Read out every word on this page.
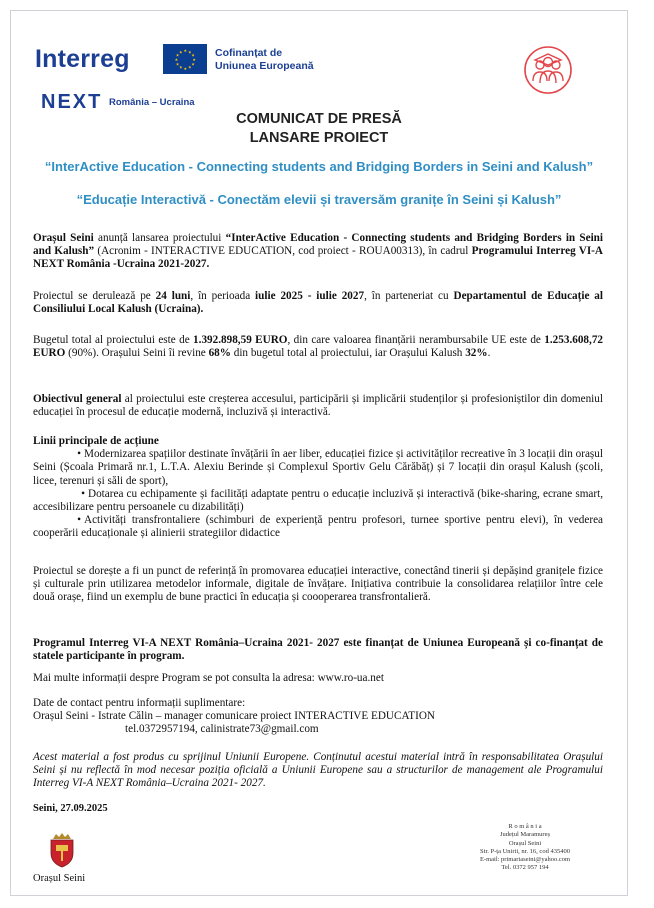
Interreg	★ ★
★
★
★
★
★
★
★
★
★
★	Cofinanțat de
Uniunea Europeană
NEXT România – Ucraina
COMUNICAT DE PRESĂ
LANSARE PROIECT
“InterActive Education - Connecting students and Bridging Borders in Seini and Kalush”
“Educație Interactivă - Conectăm elevii și traversăm granițe în Seini și Kalush”
Orașul Seini anunță lansarea proiectului “InterActive Education - Connecting students and Bridging Borders in Seini and Kalush” (Acronim - INTERACTIVE EDUCATION, cod proiect - ROUA00313), în cadrul Programului Interreg VI-A NEXT România -Ucraina 2021-2027.
Proiectul se derulează pe 24 luni, în perioada iulie 2025 - iulie 2027, în parteneriat cu Departamentul de Educație al Consiliului Local Kalush (Ucraina).
Bugetul total al proiectului este de 1.392.898,59 EURO, din care valoarea finanțării nerambursabile UE este de 1.253.608,72 EURO (90%). Orașului Seini îi revine 68% din bugetul total al proiectului, iar Orașului Kalush 32%.
Obiectivul general al proiectului este creșterea accesului, participării și implicării studenților și profesioniștilor din domeniul educației în procesul de educație modernă, incluzivă și interactivă.
Linii principale de acțiune
• Modernizarea spațiilor destinate învățării în aer liber, educației fizice și activităților recreative în 3 locații din orașul Seini (Școala Primară nr.1, L.T.A. Alexiu Berinde și Complexul Sportiv Gelu Cărăbăț) și 7 locații din orașul Kalush (școli, licee, terenuri și săli de sport),
• Dotarea cu echipamente și facilități adaptate pentru o educație incluzivă și interactivă (bike-sharing, ecrane smart, accesibilizare pentru persoanele cu dizabilități)
• Activități transfrontaliere (schimburi de experiență pentru profesori, turnee sportive pentru elevi), în vederea cooperării educaționale și alinierii strategiilor didactice
Proiectul se dorește a fi un punct de referință în promovarea educației interactive, conectând tinerii și depășind granițele fizice și culturale prin utilizarea metodelor informale, digitale de învățare. Inițiativa contribuie la consolidarea relațiilor între cele două orașe, fiind un exemplu de bune practici în educația și coooperarea transfrontalieră.
Programul Interreg VI-A NEXT România–Ucraina 2021- 2027 este finanțat de Uniunea Europeană și co-finanțat de statele participante în program.
Mai multe informații despre Program se pot consulta la adresa: www.ro-ua.net
Date de contact pentru informații suplimentare:
Orașul Seini - Istrate Călin – manager comunicare proiect INTERACTIVE EDUCATION
tel.0372957194, calinistrate73@gmail.com
Acest material a fost produs cu sprijinul Uniunii Europene. Conținutul acestui material intră în responsabilitatea Orașului Seini și nu reflectă în mod necesar poziția oficială a Uniunii Europene sau a structurilor de management ale Programului Interreg VI-A NEXT România–Ucraina 2021- 2027.
Seini, 27.09.2025
Orașul Seini
R o m â n i a
Județul Maramureș
Orașul Seini
Str. P-ța Unirii, nr. 16, cod 435400
E-mail: primariaseini@yahoo.com
Tel. 0372 957 194
